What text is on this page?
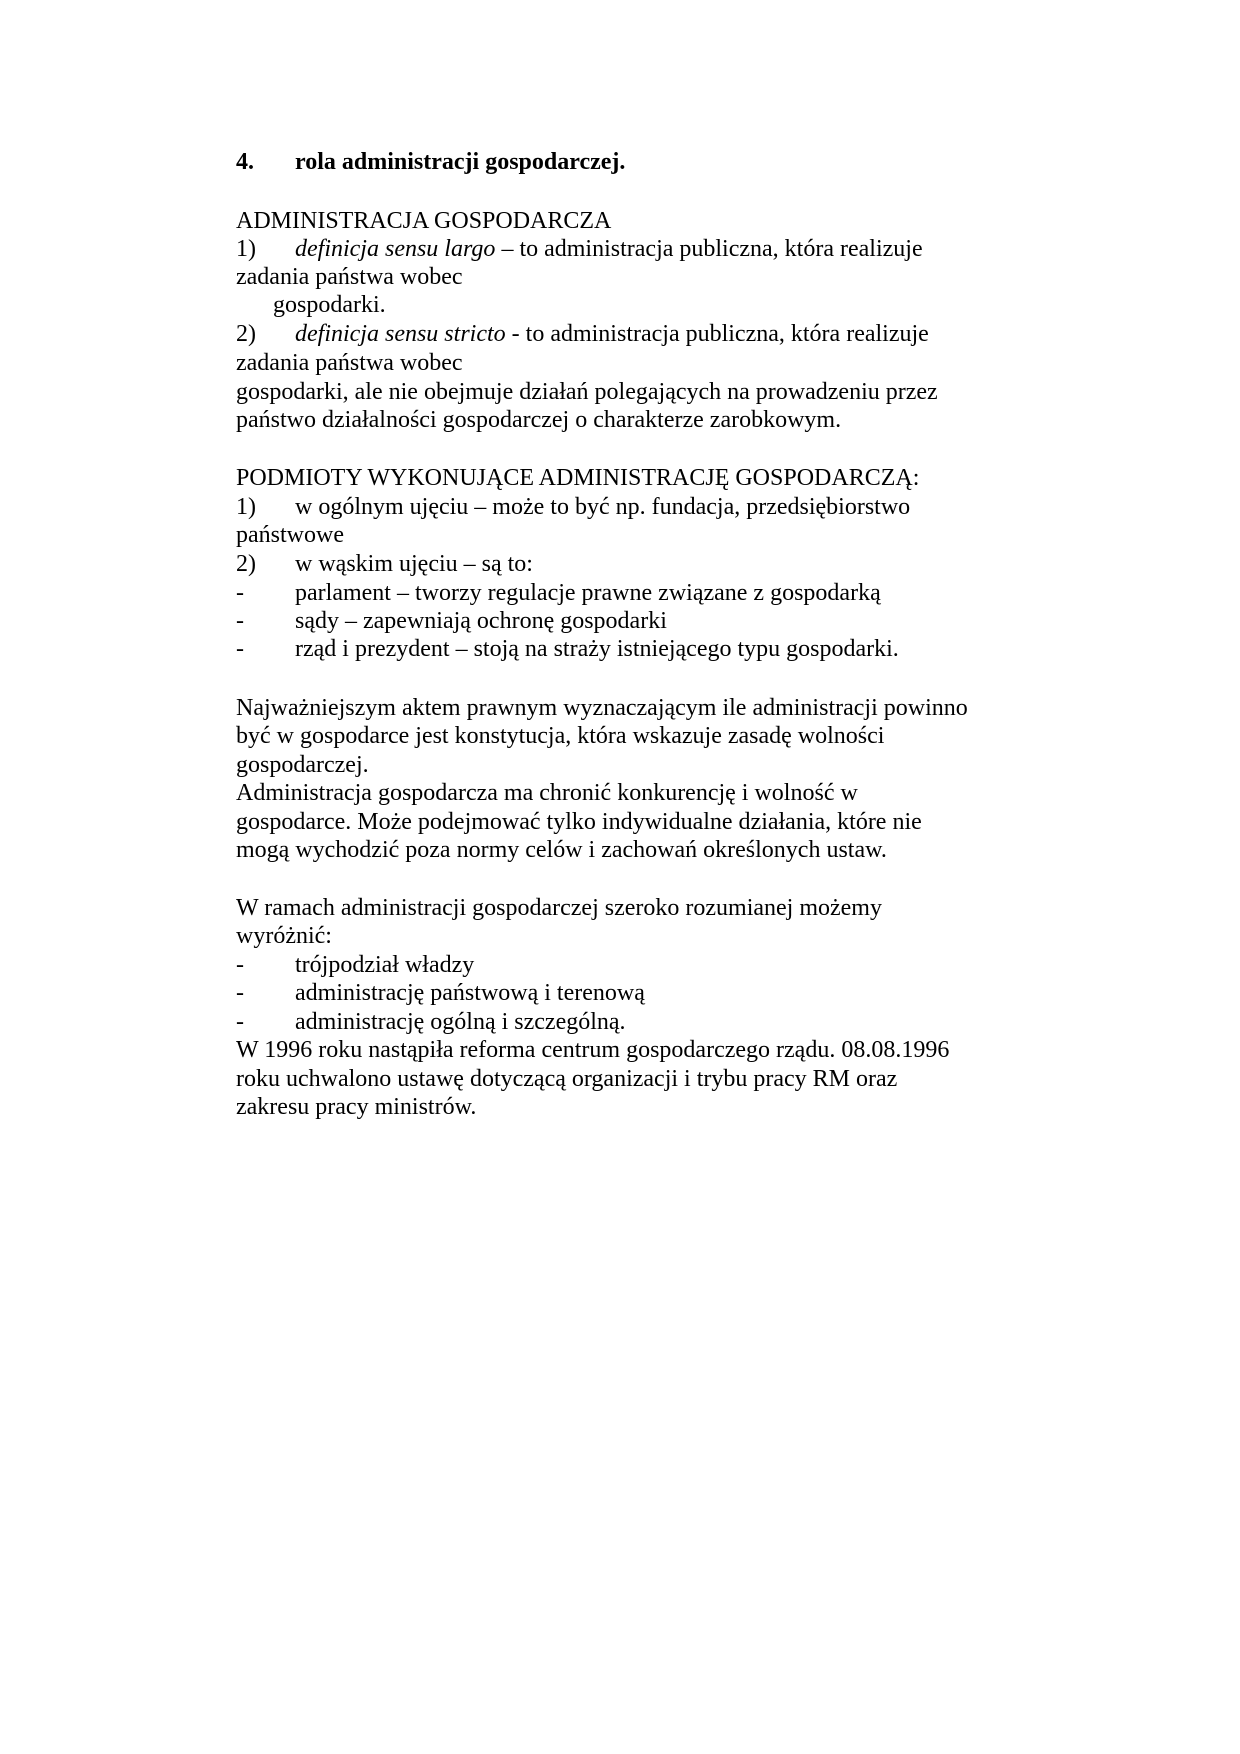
4. rola administracji gospodarczej.
ADMINISTRACJA GOSPODARCZA
1) definicja sensu largo – to administracja publiczna, która realizuje
zadania państwa wobec
gospodarki.
2) definicja sensu stricto - to administracja publiczna, która realizuje
zadania państwa wobec
gospodarki, ale nie obejmuje działań polegających na prowadzeniu przez
państwo działalności gospodarczej o charakterze zarobkowym.
PODMIOTY WYKONUJĄCE ADMINISTRACJĘ GOSPODARCZĄ:
1) w ogólnym ujęciu – może to być np. fundacja, przedsiębiorstwo
państwowe
2) w wąskim ujęciu – są to:
- parlament – tworzy regulacje prawne związane z gospodarką
- sądy – zapewniają ochronę gospodarki
- rząd i prezydent – stoją na straży istniejącego typu gospodarki.
Najważniejszym aktem prawnym wyznaczającym ile administracji powinno
być w gospodarce jest konstytucja, która wskazuje zasadę wolności
gospodarczej.
Administracja gospodarcza ma chronić konkurencję i wolność w
gospodarce. Może podejmować tylko indywidualne działania, które nie
mogą wychodzić poza normy celów i zachowań określonych ustaw.
W ramach administracji gospodarczej szeroko rozumianej możemy
wyróżnić:
- trójpodział władzy
- administrację państwową i terenową
- administrację ogólną i szczególną.
W 1996 roku nastąpiła reforma centrum gospodarczego rządu. 08.08.1996
roku uchwalono ustawę dotyczącą organizacji i trybu pracy RM oraz
zakresu pracy ministrów.
